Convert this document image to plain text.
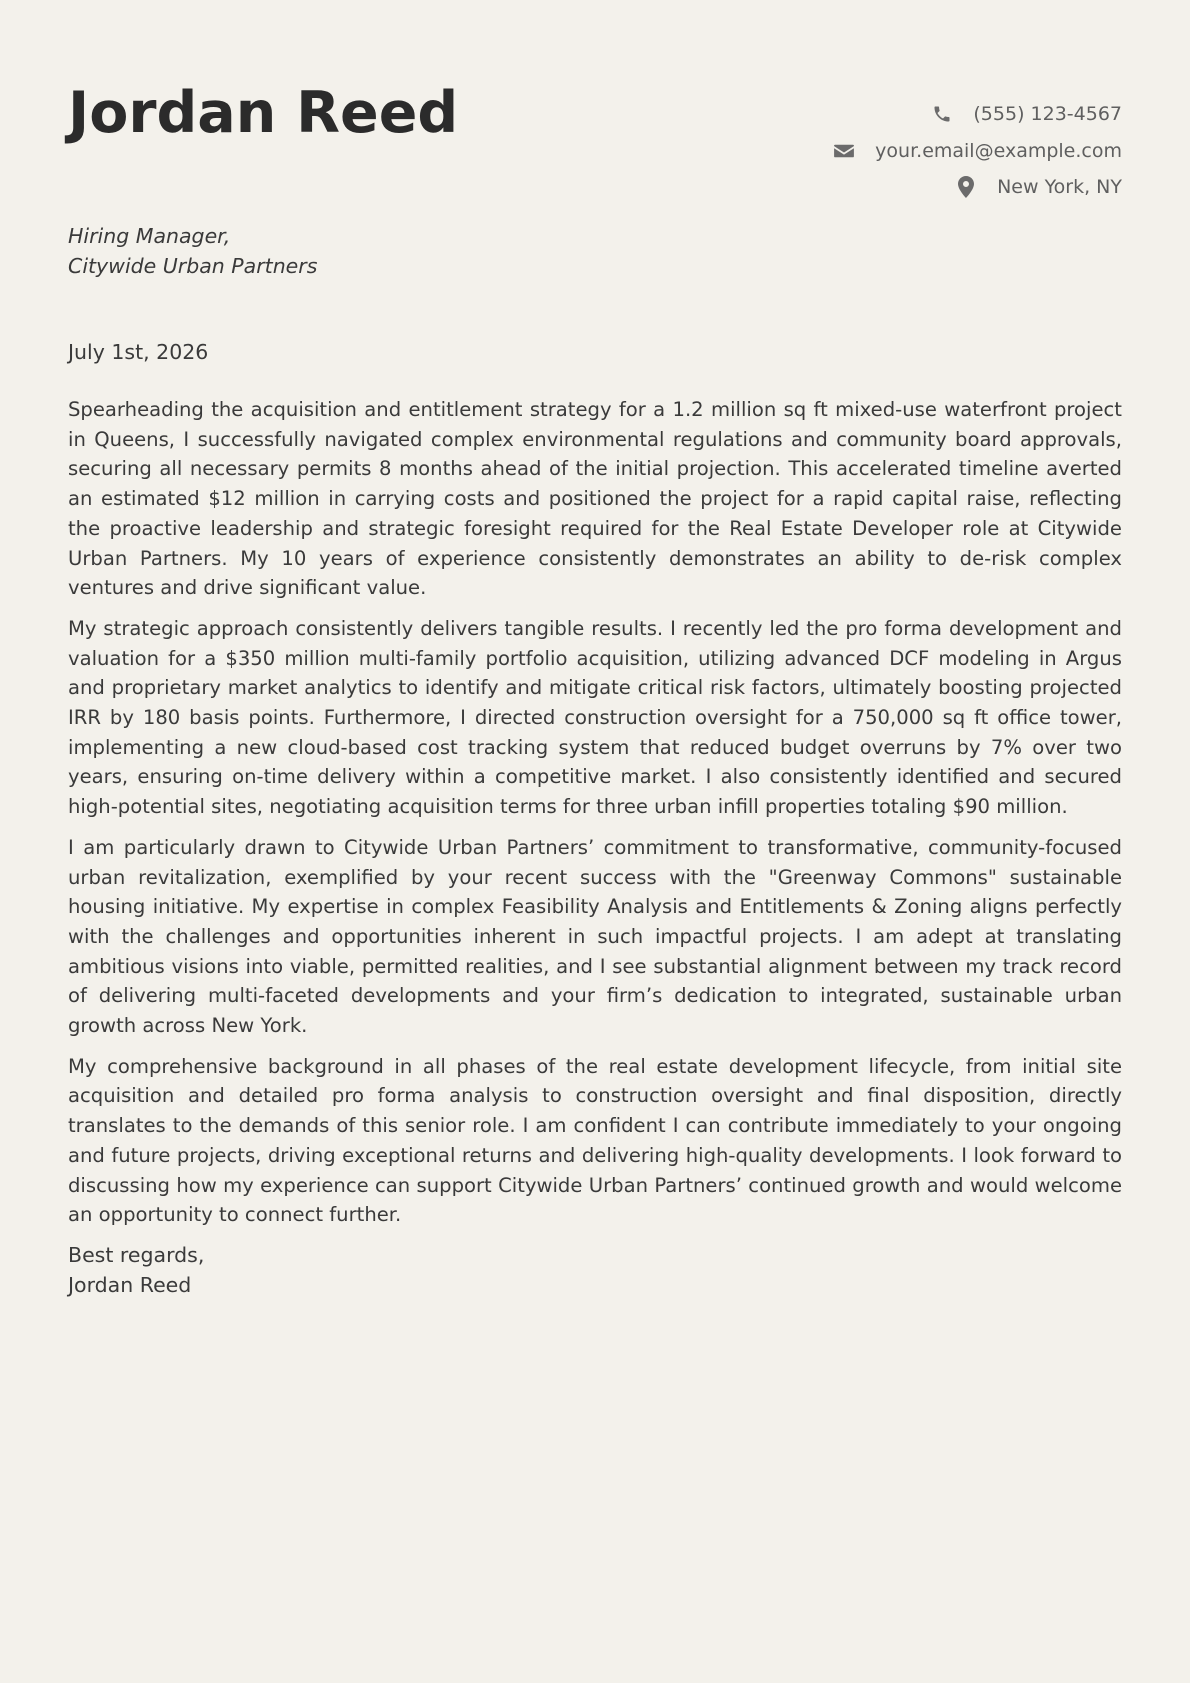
Jordan Reed	(555) 123-4567
your.email@example.com
New York, NY
Hiring Manager,
Citywide Urban Partners
July 1st, 2026

Spearheading the acquisition and entitlement strategy for a 1.2 million sq ft mixed-use waterfront project in Queens, I successfully navigated complex environmental regulations and community board approvals, securing all necessary permits 8 months ahead of the initial projection. This accelerated timeline averted an estimated $12 million in carrying costs and positioned the project for a rapid capital raise, reflecting the proactive leadership and strategic foresight required for the Real Estate Developer role at Citywide Urban Partners. My 10 years of experience consistently demonstrates an ability to de-risk complex ventures and drive significant value.

My strategic approach consistently delivers tangible results. I recently led the pro forma development and valuation for a $350 million multi-family portfolio acquisition, utilizing advanced DCF modeling in Argus and proprietary market analytics to identify and mitigate critical risk factors, ultimately boosting projected IRR by 180 basis points. Furthermore, I directed construction oversight for a 750,000 sq ft office tower, implementing a new cloud-based cost tracking system that reduced budget overruns by 7% over two years, ensuring on-time delivery within a competitive market. I also consistently identified and secured high-potential sites, negotiating acquisition terms for three urban infill properties totaling $90 million.

I am particularly drawn to Citywide Urban Partners’ commitment to transformative, community-focused urban revitalization, exemplified by your recent success with the "Greenway Commons" sustainable housing initiative. My expertise in complex Feasibility Analysis and Entitlements & Zoning aligns perfectly with the challenges and opportunities inherent in such impactful projects. I am adept at translating ambitious visions into viable, permitted realities, and I see substantial alignment between my track record of delivering multi-faceted developments and your firm’s dedication to integrated, sustainable urban growth across New York.

My comprehensive background in all phases of the real estate development lifecycle, from initial site acquisition and detailed pro forma analysis to construction oversight and final disposition, directly translates to the demands of this senior role. I am confident I can contribute immediately to your ongoing and future projects, driving exceptional returns and delivering high-quality developments. I look forward to discussing how my experience can support Citywide Urban Partners’ continued growth and would welcome an opportunity to connect further.

Best regards,
Jordan Reed
